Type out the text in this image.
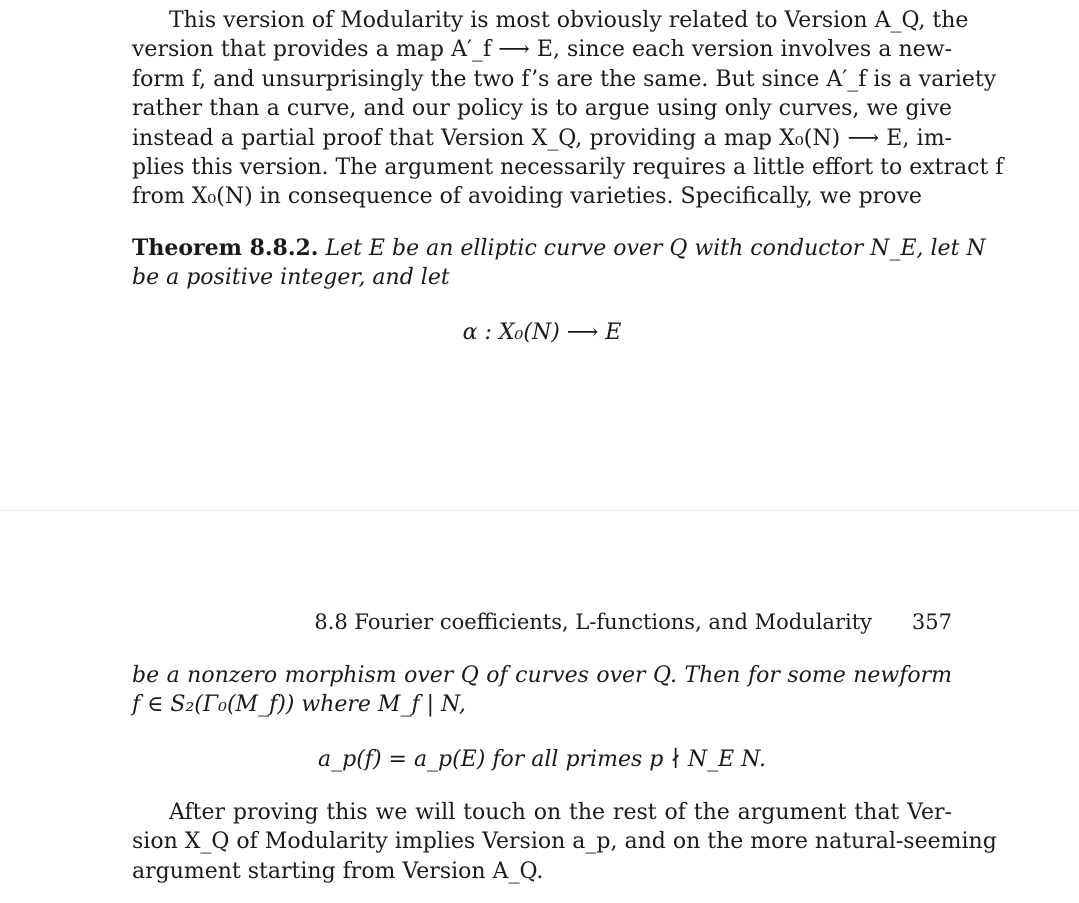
This version of Modularity is most obviously related to Version A_Q, the
version that provides a map A′_f ⟶ E, since each version involves a new-
form f, and unsurprisingly the two f’s are the same. But since A′_f is a variety
rather than a curve, and our policy is to argue using only curves, we give
instead a partial proof that Version X_Q, providing a map X₀(N) ⟶ E, im-
plies this version. The argument necessarily requires a little effort to extract f
from X₀(N) in consequence of avoiding varieties. Specifically, we prove
Theorem 8.8.2. Let E be an elliptic curve over Q with conductor N_E, let N
be a positive integer, and let
α : X₀(N) ⟶ E
8.8 Fourier coefficients, L-functions, and Modularity 357
be a nonzero morphism over Q of curves over Q. Then for some newform
f ∈ S₂(Γ₀(M_f)) where M_f | N,
a_p(f) = a_p(E) for all primes p ∤ N_E N.
After proving this we will touch on the rest of the argument that Ver-
sion X_Q of Modularity implies Version a_p, and on the more natural-seeming
argument starting from Version A_Q.
